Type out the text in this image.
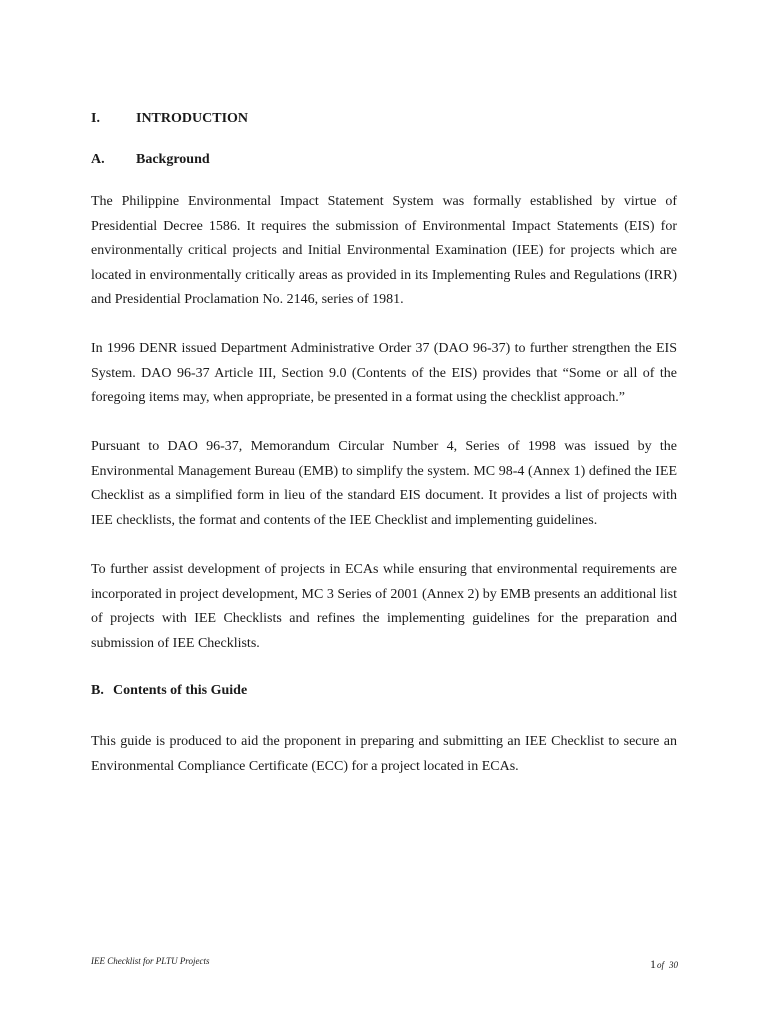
I.	INTRODUCTION
A. Background

The Philippine Environmental Impact Statement System was formally established by virtue of Presidential Decree 1586. It requires the submission of Environmental Impact Statements (EIS) for environmentally critical projects and Initial Environmental Examination (IEE) for projects which are located in environmentally critically areas as provided in its Implementing Rules and Regulations (IRR) and Presidential Proclamation No. 2146, series of 1981.

In 1996 DENR issued Department Administrative Order 37 (DAO 96-37) to further strengthen the EIS System. DAO 96-37 Article III, Section 9.0 (Contents of the EIS) provides that “Some or all of the foregoing items may, when appropriate, be presented in a format using the checklist approach.”

Pursuant to DAO 96-37, Memorandum Circular Number 4, Series of 1998 was issued by the Environmental Management Bureau (EMB) to simplify the system. MC 98-4 (Annex 1) defined the IEE Checklist as a simplified form in lieu of the standard EIS document. It provides a list of projects with IEE checklists, the format and contents of the IEE Checklist and implementing guidelines.

To further assist development of projects in ECAs while ensuring that environmental requirements are incorporated in project development, MC 3 Series of 2001 (Annex 2) by EMB presents an additional list of projects with IEE Checklists and refines the implementing guidelines for the preparation and submission of IEE Checklists.

B. Contents of this Guide

This guide is produced to aid the proponent in preparing and submitting an IEE Checklist to secure an Environmental Compliance Certificate (ECC) for a project located in ECAs.

IEE Checklist for PLTU Projects	1of 30
